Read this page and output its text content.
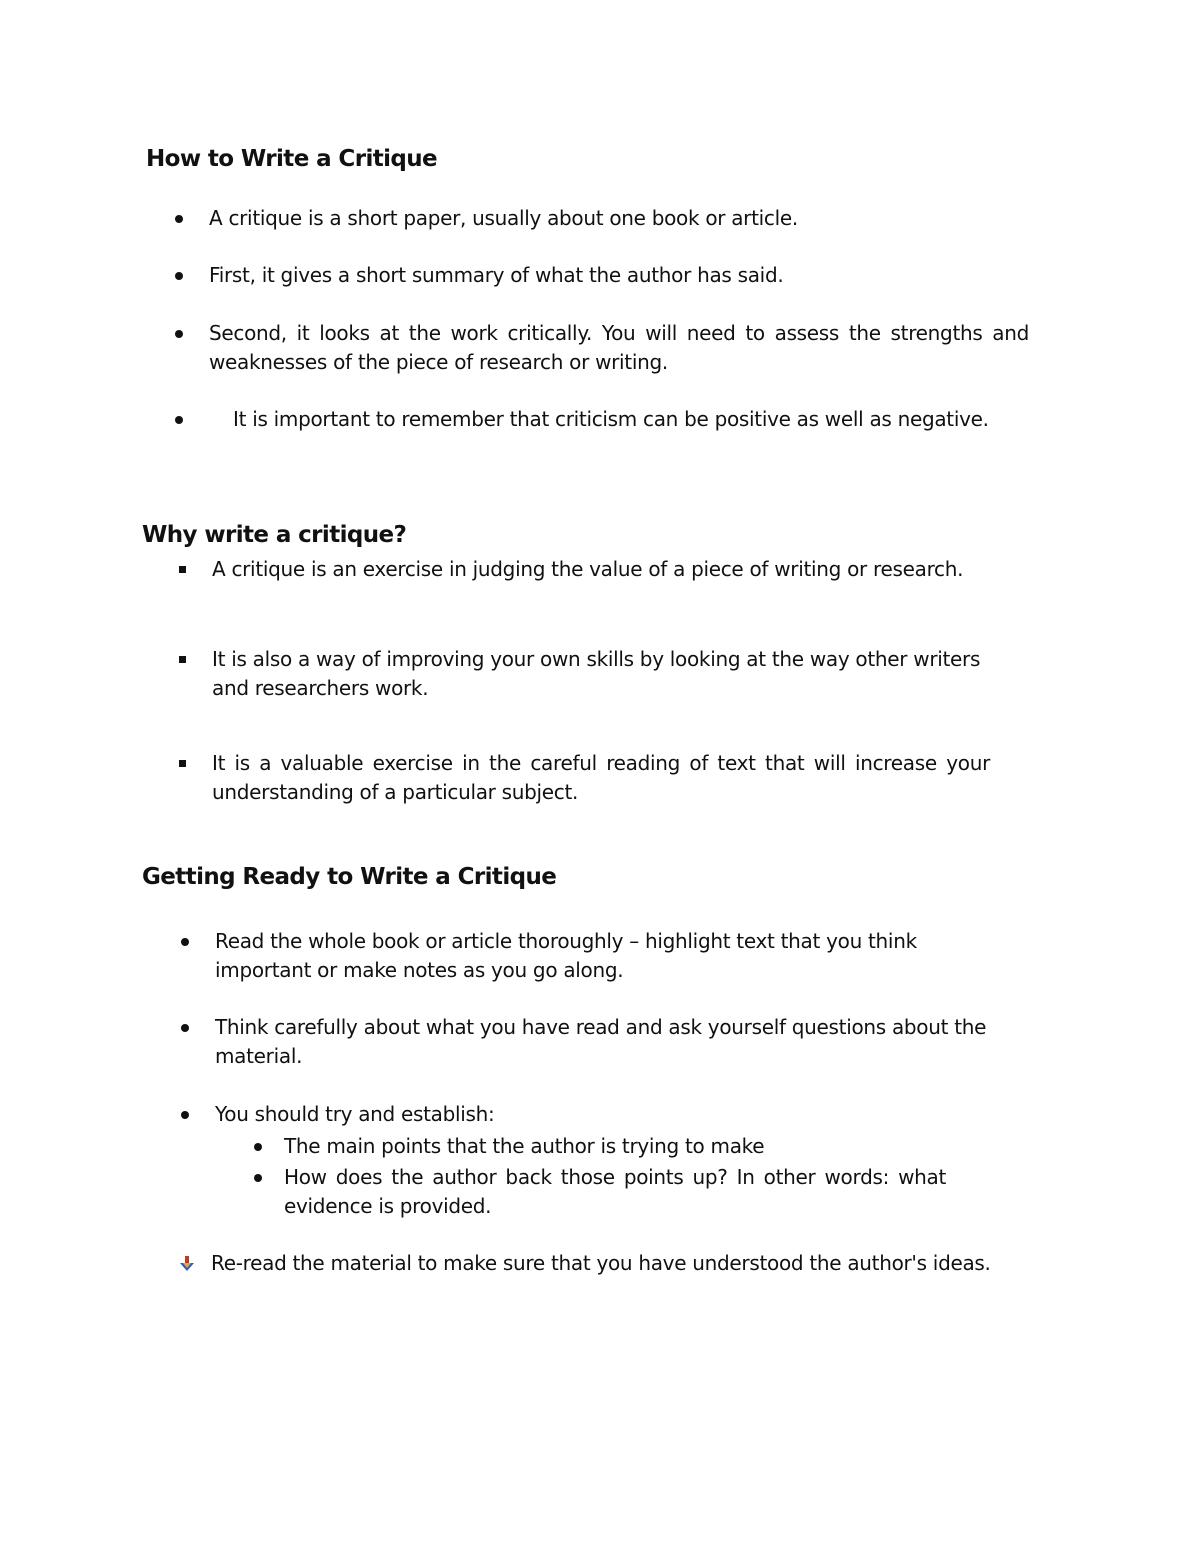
How to Write a Critique
A critique is a short paper, usually about one book or article.
First, it gives a short summary of what the author has said.
Second, it looks at the work critically. You will need to assess the strengths and weaknesses of the piece of research or writing.
It is important to remember that criticism can be positive as well as negative.
Why write a critique?
A critique is an exercise in judging the value of a piece of writing or research.
It is also a way of improving your own skills by looking at the way other writers and researchers work.
It is a valuable exercise in the careful reading of text that will increase your understanding of a particular subject.
Getting Ready to Write a Critique
Read the whole book or article thoroughly – highlight text that you think important or make notes as you go along.
Think carefully about what you have read and ask yourself questions about the material.
You should try and establish:
The main points that the author is trying to make
How does the author back those points up? In other words: what evidence is provided.
Re-read the material to make sure that you have understood the author's ideas.
